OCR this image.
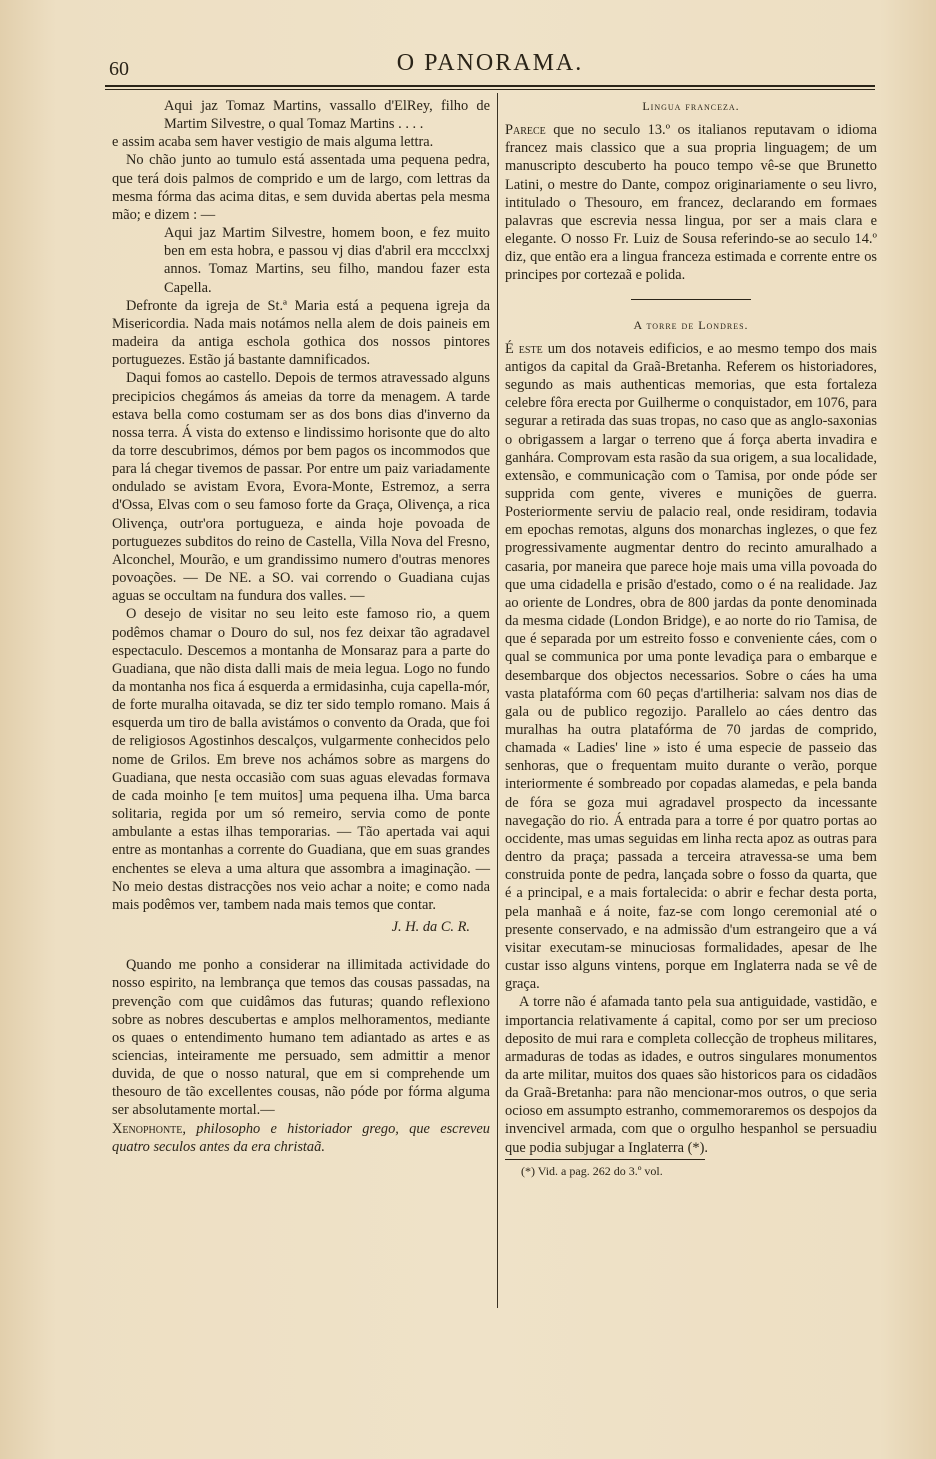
60	O PANORAMA.

Aqui jaz Tomaz Martins, vassallo d'ElRey, filho de Martim Silvestre, o qual Tomaz Martins . . . .

e assim acaba sem haver vestigio de mais alguma lettra.

No chão junto ao tumulo está assentada uma pequena pedra, que terá dois palmos de comprido e um de largo, com lettras da mesma fórma das acima ditas, e sem duvida abertas pela mesma mão; e dizem : —

Aqui jaz Martim Silvestre, homem boon, e fez muito ben em esta hobra, e passou vj dias d'abril era mccclxxj annos. Tomaz Martins, seu filho, mandou fazer esta Capella.

Defronte da igreja de St.ª Maria está a pequena igreja da Misericordia. Nada mais notámos nella alem de dois paineis em madeira da antiga eschola gothica dos nossos pintores portuguezes. Estão já bastante damnificados.

Daqui fomos ao castello. Depois de termos atravessado alguns precipicios chegámos ás ameias da torre da menagem. A tarde estava bella como costumam ser as dos bons dias d'inverno da nossa terra. Á vista do extenso e lindissimo horisonte que do alto da torre descubrimos, démos por bem pagos os incommodos que para lá chegar tivemos de passar. Por entre um paiz variadamente ondulado se avistam Evora, Evora-Monte, Estremoz, a serra d'Ossa, Elvas com o seu famoso forte da Graça, Olivença, a rica Olivença, outr'ora portugueza, e ainda hoje povoada de portuguezes subditos do reino de Castella, Villa Nova del Fresno, Alconchel, Mourão, e um grandissimo numero d'outras menores povoações. — De NE. a SO. vai correndo o Guadiana cujas aguas se occultam na fundura dos valles. —

O desejo de visitar no seu leito este famoso rio, a quem podêmos chamar o Douro do sul, nos fez deixar tão agradavel espectaculo. Descemos a montanha de Monsaraz para a parte do Guadiana, que não dista dalli mais de meia legua. Logo no fundo da montanha nos fica á esquerda a ermidasinha, cuja capella-mór, de forte muralha oitavada, se diz ter sido templo romano. Mais á esquerda um tiro de balla avistámos o convento da Orada, que foi de religiosos Agostinhos descalços, vulgarmente conhecidos pelo nome de Grilos. Em breve nos achámos sobre as margens do Guadiana, que nesta occasião com suas aguas elevadas formava de cada moinho [e tem muitos] uma pequena ilha. Uma barca solitaria, regida por um só remeiro, servia como de ponte ambulante a estas ilhas temporarias. — Tão apertada vai aqui entre as montanhas a corrente do Guadiana, que em suas grandes enchentes se eleva a uma altura que assombra a imaginação. — No meio destas distracções nos veio achar a noite; e como nada mais podêmos ver, tambem nada mais temos que contar.

J. H. da C. R.

Quando me ponho a considerar na illimitada actividade do nosso espirito, na lembrança que temos das cousas passadas, na prevenção com que cuidâmos das futuras; quando reflexiono sobre as nobres descubertas e amplos melhoramentos, mediante os quaes o entendimento humano tem adiantado as artes e as sciencias, inteiramente me persuado, sem admittir a menor duvida, de que o nosso natural, que em si comprehende um thesouro de tão excellentes cousas, não póde por fórma alguma ser absolutamente mortal.—

Xenophonte, philosopho e historiador grego, que escreveu quatro seculos antes da era christaã.

Lingua franceza.

Parece que no seculo 13.º os italianos reputavam o idioma francez mais classico que a sua propria linguagem; de um manuscripto descuberto ha pouco tempo vê-se que Brunetto Latini, o mestre do Dante, compoz originariamente o seu livro, intitulado o Thesouro, em francez, declarando em formaes palavras que escrevia nessa lingua, por ser a mais clara e elegante. O nosso Fr. Luiz de Sousa referindo-se ao seculo 14.º diz, que então era a lingua franceza estimada e corrente entre os principes por cortezaã e polida.

A torre de Londres.

É este um dos notaveis edificios, e ao mesmo tempo dos mais antigos da capital da Graã-Bretanha. Referem os historiadores, segundo as mais authenticas memorias, que esta fortaleza celebre fôra erecta por Guilherme o conquistador, em 1076, para segurar a retirada das suas tropas, no caso que as anglo-saxonias o obrigassem a largar o terreno que á força aberta invadira e ganhára. Comprovam esta rasão da sua origem, a sua localidade, extensão, e communicação com o Tamisa, por onde póde ser supprida com gente, viveres e munições de guerra. Posteriormente serviu de palacio real, onde residiram, todavia em epochas remotas, alguns dos monarchas inglezes, o que fez progressivamente augmentar dentro do recinto amuralhado a casaria, por maneira que parece hoje mais uma villa povoada do que uma cidadella e prisão d'estado, como o é na realidade. Jaz ao oriente de Londres, obra de 800 jardas da ponte denominada da mesma cidade (London Bridge), e ao norte do rio Tamisa, de que é separada por um estreito fosso e conveniente cáes, com o qual se communica por uma ponte levadiça para o embarque e desembarque dos objectos necessarios. Sobre o cáes ha uma vasta platafórma com 60 peças d'artilheria: salvam nos dias de gala ou de publico regozijo. Parallelo ao cáes dentro das muralhas ha outra platafórma de 70 jardas de comprido, chamada « Ladies' line » isto é uma especie de passeio das senhoras, que o frequentam muito durante o verão, porque interiormente é sombreado por copadas alamedas, e pela banda de fóra se goza mui agradavel prospecto da incessante navegação do rio. Á entrada para a torre é por quatro portas ao occidente, mas umas seguidas em linha recta apoz as outras para dentro da praça; passada a terceira atravessa-se uma bem construida ponte de pedra, lançada sobre o fosso da quarta, que é a principal, e a mais fortalecida: o abrir e fechar desta porta, pela manhaã e á noite, faz-se com longo ceremonial até o presente conservado, e na admissão d'um estrangeiro que a vá visitar executam-se minuciosas formalidades, apesar de lhe custar isso alguns vintens, porque em Inglaterra nada se vê de graça.

A torre não é afamada tanto pela sua antiguidade, vastidão, e importancia relativamente á capital, como por ser um precioso deposito de mui rara e completa collecção de tropheus militares, armaduras de todas as idades, e outros singulares monumentos da arte militar, muitos dos quaes são historicos para os cidadãos da Graã-Bretanha: para não mencionar-mos outros, o que seria ocioso em assumpto estranho, commemoraremos os despojos da invencivel armada, com que o orgulho hespanhol se persuadiu que podia subjugar a Inglaterra (*).

(*) Vid. a pag. 262 do 3.º vol.
